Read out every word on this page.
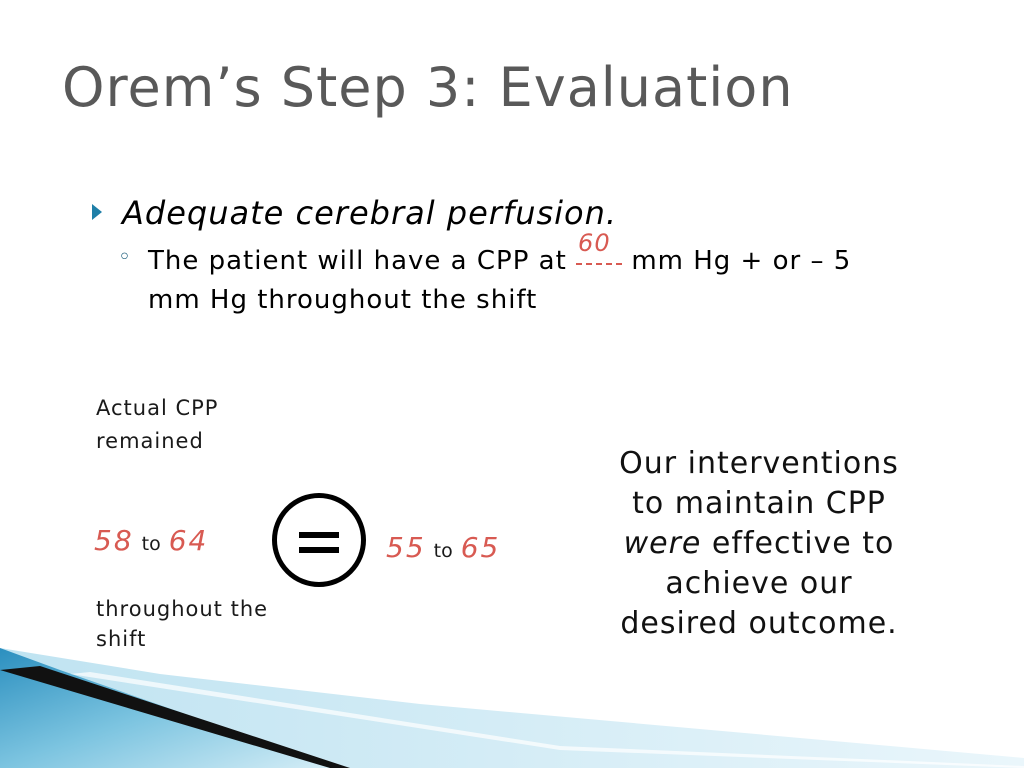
Orem’s Step 3: Evaluation
Adequate cerebral perfusion.
◦ The patient will have a CPP at
60
mm Hg + or – 5
mm Hg throughout the shift
Actual CPP
remained
58 to 64	55 to 65
throughout the
shift
Our interventions
to maintain CPP
were effective to
achieve our
desired outcome.
